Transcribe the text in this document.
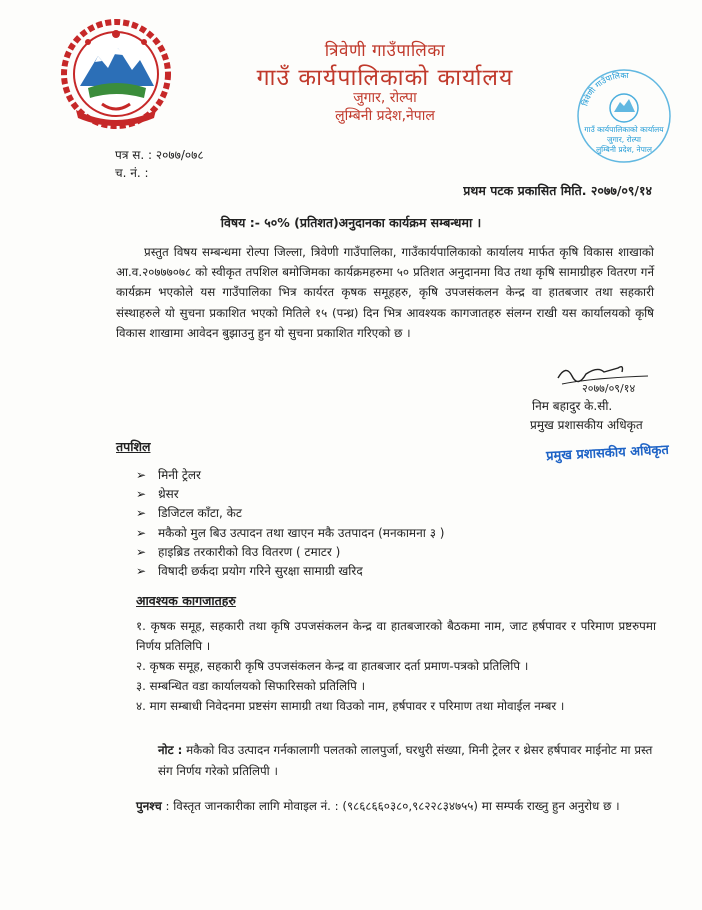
त्रिवेणी गाउँपालिका
गाउँ कार्यपालिकाको कार्यालय
जुगार, रोल्पा
लुम्बिनी प्रदेश,नेपाल
त्रिवेणी गाउँपालिका
गाउँ कार्यपालिकाको कार्यालय
जुगार, रोल्पा
लुम्बिनी प्रदेश, नेपाल
पत्र स. : २०७७/०७८
च. नं. :
प्रथम पटक प्रकासित मिति. २०७७/०९/१४
विषय :- ५०% (प्रतिशत)अनुदानका कार्यक्रम सम्बन्धमा ।

प्रस्तुत विषय सम्बन्धमा रोल्पा जिल्ला, त्रिवेणी गाउँपालिका, गाउँकार्यपालिकाको कार्यालय मार्फत कृषि विकास शाखाको आ.व.२०७७७०७८ को स्वीकृत तपशिल बमोजिमका कार्यक्रमहरुमा ५० प्रतिशत अनुदानमा विउ तथा कृषि सामाग्रीहरु वितरण गर्ने कार्यक्रम भएकोले यस गाउँपालिका भित्र कार्यरत कृषक समूहहरु, कृषि उपजसंकलन केन्द्र वा हातबजार तथा सहकारी संस्थाहरुले यो सुचना प्रकाशित भएको मितिले १५ (पन्ध्र) दिन भित्र आवश्यक कागजातहरु संलग्न राखी यस कार्यालयको कृषि विकास शाखामा आवेदन बुझाउनु हुन यो सुचना प्रकाशित गरिएको छ ।

२०७७/०९/१४
निम बहादुर के.सी.
प्रमुख प्रशासकीय अधिकृत
प्रमुख प्रशासकीय अधिकृत
तपशिल
➢ मिनी ट्रेलर
➢ थ्रेसर
➢ डिजिटल काँटा, केट
➢ मकैको मुल बिउ उत्पादन तथा खाएन मकै उतपादन (मनकामना ३ )
➢ हाइब्रिड तरकारीको विउ वितरण ( टमाटर )
➢ विषादी छर्कदा प्रयोग गरिने सुरक्षा सामाग्री खरिद
आवश्यक कागजातहरु
१. कृषक समूह, सहकारी तथा कृषि उपजसंकलन केन्द्र वा हातबजारको बैठकमा नाम, जाट हर्षपावर र परिमाण प्रष्टरुपमा निर्णय प्रतिलिपि ।
२. कृषक समूह, सहकारी कृषि उपजसंकलन केन्द्र वा हातबजार दर्ता प्रमाण-पत्रको प्रतिलिपि ।
३. सम्बन्धित वडा कार्यालयको सिफारिसको प्रतिलिपि ।
४. माग सम्बाधी निवेदनमा प्रष्टसंग सामाग्री तथा विउको नाम, हर्षपावर र परिमाण तथा मोवाईल नम्बर ।

नोट : मकैको विउ उत्पादन गर्नकालागी पलतको लालपुर्जा, घरधुरी संख्या, मिनी ट्रेलर र थ्रेसर हर्षपावर माईनोट मा प्रस्त संग निर्णय गरेको प्रतिलिपी ।

पुनश्च : विस्तृत जानकारीका लागि मोवाइल नं. : (९८६८६६०३८०,९८२२८३४७५५) मा सम्पर्क राख्नु हुन अनुरोध छ ।
